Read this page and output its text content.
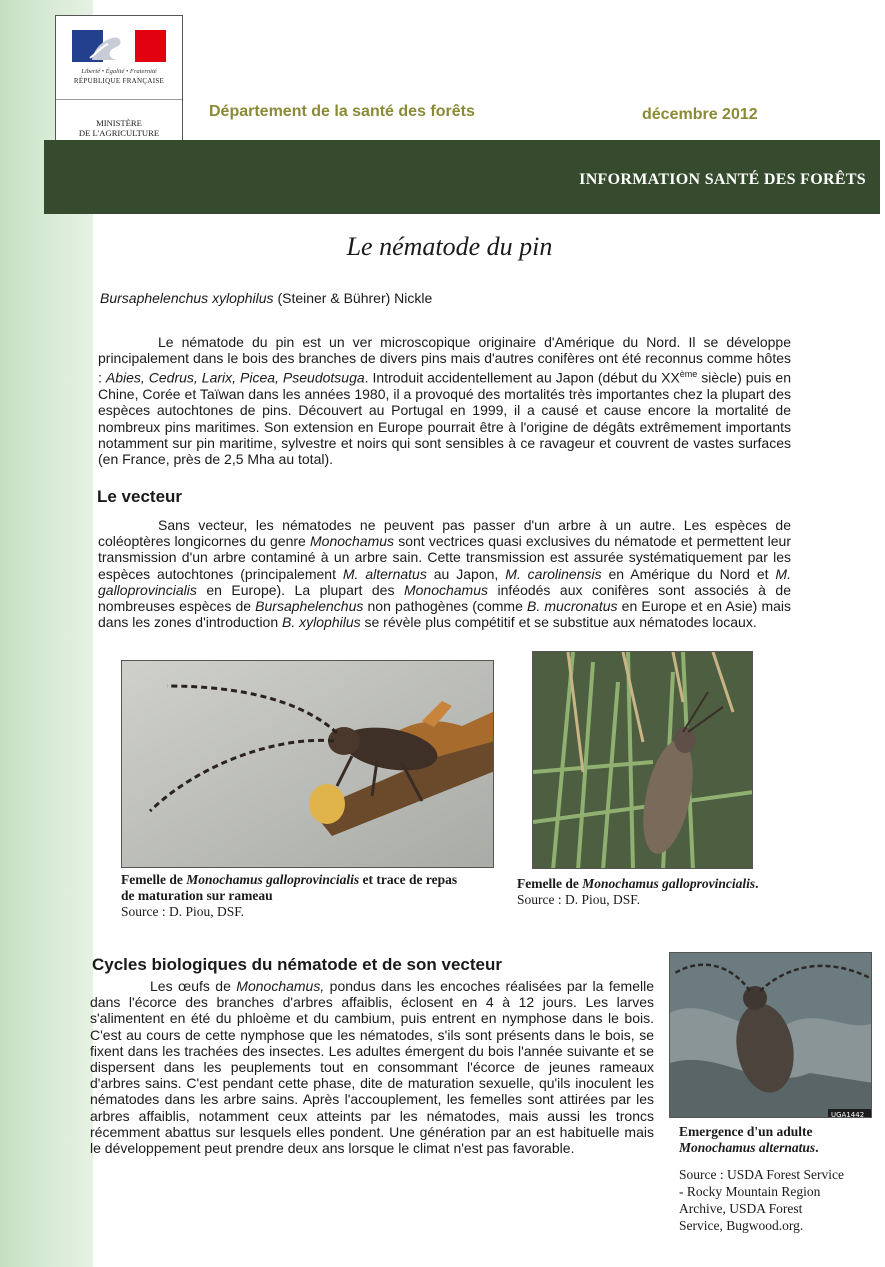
Liberté • Égalité • Fraternité
RÉPUBLIQUE FRANÇAISE
MINISTÈRE
DE L'AGRICULTURE
Département de la santé des forêts	décembre 2012
INFORMATION SANTÉ DES FORÊTS
Le nématode du pin
Bursaphelenchus xylophilus (Steiner & Bührer) Nickle
Le nématode du pin est un ver microscopique originaire d'Amérique du Nord. Il se développe principalement dans le bois des branches de divers pins mais d'autres conifères ont été reconnus comme hôtes : Abies, Cedrus, Larix, Picea, Pseudotsuga. Introduit accidentellement au Japon (début du XXème siècle) puis en Chine, Corée et Taïwan dans les années 1980, il a provoqué des mortalités très importantes chez la plupart des espèces autochtones de pins. Découvert au Portugal en 1999, il a causé et cause encore la mortalité de nombreux pins maritimes. Son extension en Europe pourrait être à l'origine de dégâts extrêmement importants notamment sur pin maritime, sylvestre et noirs qui sont sensibles à ce ravageur et couvrent de vastes surfaces (en France, près de 2,5 Mha au total).
Le vecteur
Sans vecteur, les nématodes ne peuvent pas passer d'un arbre à un autre. Les espèces de coléoptères longicornes du genre Monochamus sont vectrices quasi exclusives du nématode et permettent leur transmission d'un arbre contaminé à un arbre sain. Cette transmission est assurée systématiquement par les espèces autochtones (principalement M. alternatus au Japon, M. carolinensis en Amérique du Nord et M. galloprovincialis en Europe). La plupart des Monochamus inféodés aux conifères sont associés à de nombreuses espèces de Bursaphelenchus non pathogènes (comme B. mucronatus en Europe et en Asie) mais dans les zones d'introduction B. xylophilus se révèle plus compétitif et se substitue aux nématodes locaux.
Femelle de Monochamus galloprovincialis et trace de repas de maturation sur rameau
Source : D. Piou, DSF.
Femelle de Monochamus galloprovincialis.
Source : D. Piou, DSF.
Cycles biologiques du nématode et de son vecteur
Les œufs de Monochamus, pondus dans les encoches réalisées par la femelle dans l'écorce des branches d'arbres affaiblis, éclosent en 4 à 12 jours. Les larves s'alimentent en été du phloème et du cambium, puis entrent en nymphose dans le bois. C'est au cours de cette nymphose que les nématodes, s'ils sont présents dans le bois, se fixent dans les trachées des insectes. Les adultes émergent du bois l'année suivante et se dispersent dans les peuplements tout en consommant l'écorce de jeunes rameaux d'arbres sains. C'est pendant cette phase, dite de maturation sexuelle, qu'ils inoculent les nématodes dans les arbre sains. Après l'accouplement, les femelles sont attirées par les arbres affaiblis, notamment ceux atteints par les nématodes, mais aussi les troncs récemment abattus sur lesquels elles pondent. Une génération par an est habituelle mais le développement peut prendre deux ans lorsque le climat n'est pas favorable.
UGA1442
Emergence d'un adulte
Monochamus alternatus.
Source : USDA Forest Service
- Rocky Mountain Region
Archive, USDA Forest
Service, Bugwood.org.
